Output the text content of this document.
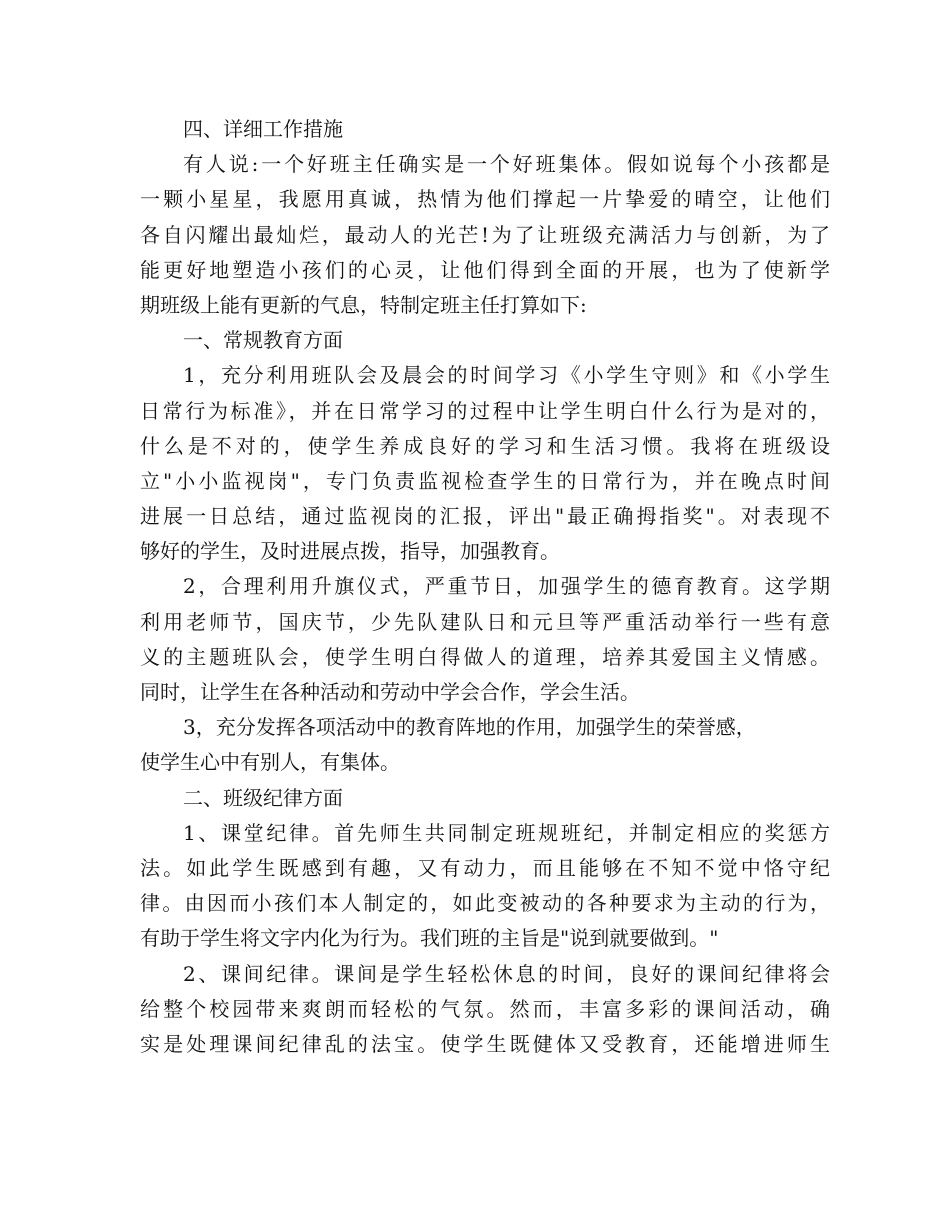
四、详细工作措施
有人说:一个好班主任确实是一个好班集体。假如说每个小孩都是
一颗小星星，我愿用真诚，热情为他们撑起一片挚爱的晴空，让他们
各自闪耀出最灿烂，最动人的光芒!为了让班级充满活力与创新，为了
能更好地塑造小孩们的心灵，让他们得到全面的开展，也为了使新学
期班级上能有更新的气息，特制定班主任打算如下:
一、常规教育方面
1，充分利用班队会及晨会的时间学习《小学生守则》和《小学生
日常行为标准》，并在日常学习的过程中让学生明白什么行为是对的，
什么是不对的，使学生养成良好的学习和生活习惯。我将在班级设
立"小小监视岗"，专门负责监视检查学生的日常行为，并在晚点时间
进展一日总结，通过监视岗的汇报，评出"最正确拇指奖"。对表现不
够好的学生，及时进展点拨，指导，加强教育。
2，合理利用升旗仪式，严重节日，加强学生的德育教育。这学期
利用老师节，国庆节，少先队建队日和元旦等严重活动举行一些有意
义的主题班队会，使学生明白得做人的道理，培养其爱国主义情感。
同时，让学生在各种活动和劳动中学会合作，学会生活。
3，充分发挥各项活动中的教育阵地的作用，加强学生的荣誉感，
使学生心中有别人，有集体。
二、班级纪律方面
1、课堂纪律。首先师生共同制定班规班纪，并制定相应的奖惩方
法。如此学生既感到有趣，又有动力，而且能够在不知不觉中恪守纪
律。由因而小孩们本人制定的，如此变被动的各种要求为主动的行为，
有助于学生将文字内化为行为。我们班的主旨是"说到就要做到。"
2、课间纪律。课间是学生轻松休息的时间，良好的课间纪律将会
给整个校园带来爽朗而轻松的气氛。然而，丰富多彩的课间活动，确
实是处理课间纪律乱的法宝。使学生既健体又受教育，还能增进师生
